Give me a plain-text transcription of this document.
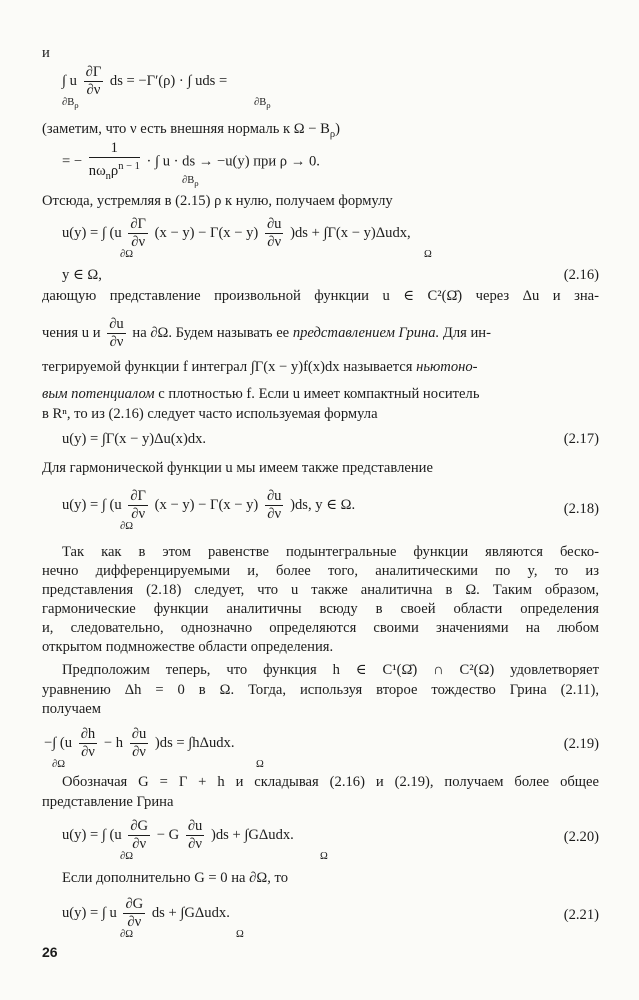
и
∫ u $\frac{\partial\Gamma}{\partial\nu}$ ds = −Γ′(ρ) · ∫ uds =
$\partial B_\rho$	$\partial B_\rho$
(заметим, что ν есть внешняя нормаль к $\Omega - B_\rho$)
= − $\frac{1}{n\omega_n\rho^{n - 1}}$ · ∫ u · ds → −u(y) при ρ → 0.
$\partial B_\rho$
Отсюда, устремляя в (2.15) ρ к нулю, получаем формулу
u(y) = ∫ $(u \frac{\partial\Gamma}{\partial\nu} (x - y) - \Gamma(x - y) \frac{\partial u}{\partial\nu} )ds + \int\Gamma(x - y)\Delta udx$,
∂Ω	Ω
y ∈ Ω,	(2.16)
дающую представление произвольной функции u ∈ C²(Ω̄) через Δu и зна-
чения u и $\frac{\partial u}{\partial\nu}$ на ∂Ω. Будем называть ее представлением Грина. Для ин-
тегрируемой функции f интеграл ∫Γ(x − y)f(x)dx называется ньютоно-
вым потенциалом с плотностью f. Если u имеет компактный носитель
в Rⁿ, то из (2.16) следует часто используемая формула
u(y) = ∫Γ(x − y)Δu(x)dx.	(2.17)
Для гармонической функции u мы имеем также представление
u(y) = ∫ $(u \frac{\partial\Gamma}{\partial\nu} (x - y) - \Gamma(x - y) \frac{\partial u}{\partial\nu} )ds$, y ∈ Ω.
∂Ω
(2.18)
Так как в этом равенстве подынтегральные функции являются беско-
нечно дифференцируемыми и, более того, аналитическими по y, то из
представления (2.18) следует, что u также аналитична в Ω. Таким образом,
гармонические функции аналитичны всюду в своей области определения
и, следовательно, однозначно определяются своими значениями на любом
открытом подмножестве области определения.
Предположим теперь, что функция h ∈ C¹(Ω̄) ∩ C²(Ω) удовлетворяет
уравнению Δh = 0 в Ω. Тогда, используя второе тождество Грина (2.11),
получаем
−∫ $(u \frac{\partial h}{\partial\nu} - h \frac{\partial u}{\partial\nu} )ds = \int h\Delta udx$.
∂Ω	Ω
(2.19)
Обозначая G = Γ + h и складывая (2.16) и (2.19), получаем более общее
представление Грина
u(y) = ∫ $(u \frac{\partial G}{\partial\nu} - G \frac{\partial u}{\partial\nu} )ds + \int G\Delta udx$.
∂Ω	Ω
(2.20)
Если дополнительно G = 0 на ∂Ω, то
u(y) = ∫ u $\frac{\partial G}{\partial\nu}$ ds + ∫GΔudx.
∂Ω	Ω
(2.21)
26
